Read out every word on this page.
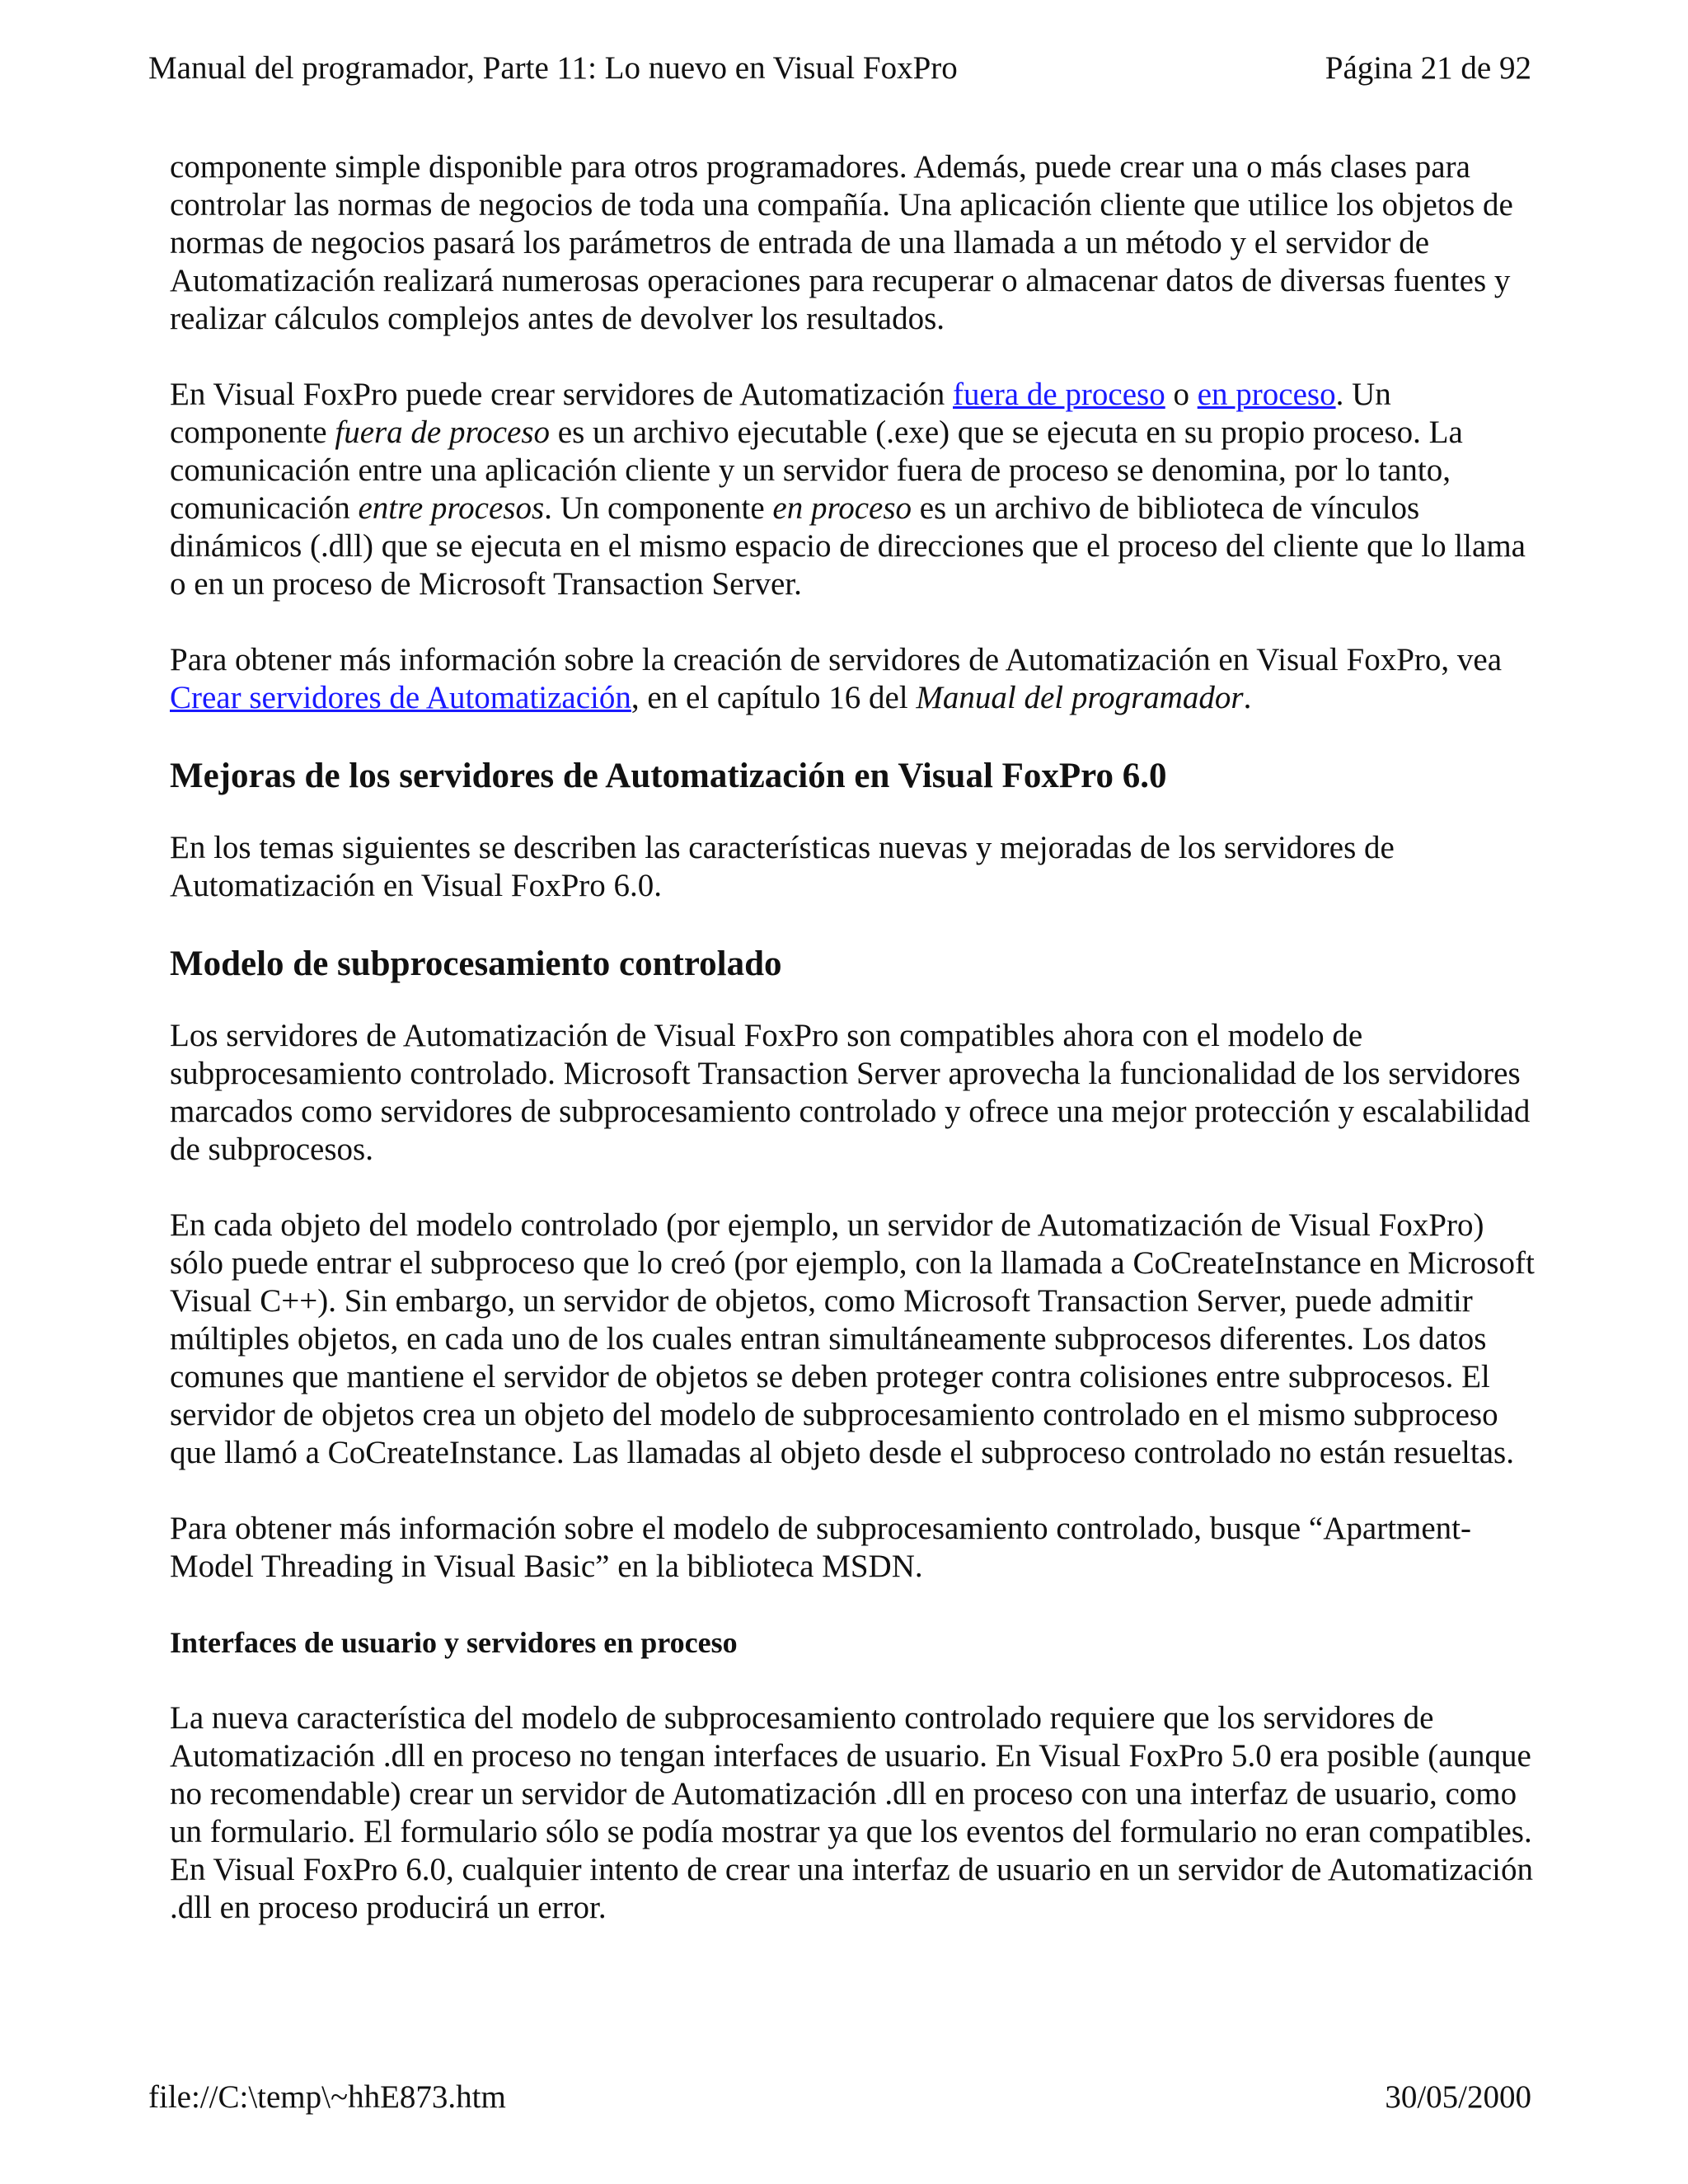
Manual del programador, Parte 11: Lo nuevo en Visual FoxPro	Página 21 de 92

componente simple disponible para otros programadores. Además, puede crear una o más clases para controlar las normas de negocios de toda una compañía. Una aplicación cliente que utilice los objetos de normas de negocios pasará los parámetros de entrada de una llamada a un método y el servidor de Automatización realizará numerosas operaciones para recuperar o almacenar datos de diversas fuentes y realizar cálculos complejos antes de devolver los resultados.

En Visual FoxPro puede crear servidores de Automatización fuera de proceso o en proceso. Un componente fuera de proceso es un archivo ejecutable (.exe) que se ejecuta en su propio proceso. La comunicación entre una aplicación cliente y un servidor fuera de proceso se denomina, por lo tanto, comunicación entre procesos. Un componente en proceso es un archivo de biblioteca de vínculos dinámicos (.dll) que se ejecuta en el mismo espacio de direcciones que el proceso del cliente que lo llama o en un proceso de Microsoft Transaction Server.

Para obtener más información sobre la creación de servidores de Automatización en Visual FoxPro, vea Crear servidores de Automatización, en el capítulo 16 del Manual del programador.

Mejoras de los servidores de Automatización en Visual FoxPro 6.0

En los temas siguientes se describen las características nuevas y mejoradas de los servidores de Automatización en Visual FoxPro 6.0.

Modelo de subprocesamiento controlado

Los servidores de Automatización de Visual FoxPro son compatibles ahora con el modelo de subprocesamiento controlado. Microsoft Transaction Server aprovecha la funcionalidad de los servidores marcados como servidores de subprocesamiento controlado y ofrece una mejor protección y escalabilidad de subprocesos.

En cada objeto del modelo controlado (por ejemplo, un servidor de Automatización de Visual FoxPro) sólo puede entrar el subproceso que lo creó (por ejemplo, con la llamada a CoCreateInstance en Microsoft Visual C++). Sin embargo, un servidor de objetos, como Microsoft Transaction Server, puede admitir múltiples objetos, en cada uno de los cuales entran simultáneamente subprocesos diferentes. Los datos comunes que mantiene el servidor de objetos se deben proteger contra colisiones entre subprocesos. El servidor de objetos crea un objeto del modelo de subprocesamiento controlado en el mismo subproceso que llamó a CoCreateInstance. Las llamadas al objeto desde el subproceso controlado no están resueltas.

Para obtener más información sobre el modelo de subprocesamiento controlado, busque “Apartment-Model Threading in Visual Basic” en la biblioteca MSDN.

Interfaces de usuario y servidores en proceso

La nueva característica del modelo de subprocesamiento controlado requiere que los servidores de Automatización .dll en proceso no tengan interfaces de usuario. En Visual FoxPro 5.0 era posible (aunque no recomendable) crear un servidor de Automatización .dll en proceso con una interfaz de usuario, como un formulario. El formulario sólo se podía mostrar ya que los eventos del formulario no eran compatibles. En Visual FoxPro 6.0, cualquier intento de crear una interfaz de usuario en un servidor de Automatización .dll en proceso producirá un error.

file://C:\temp\~hhE873.htm	30/05/2000
